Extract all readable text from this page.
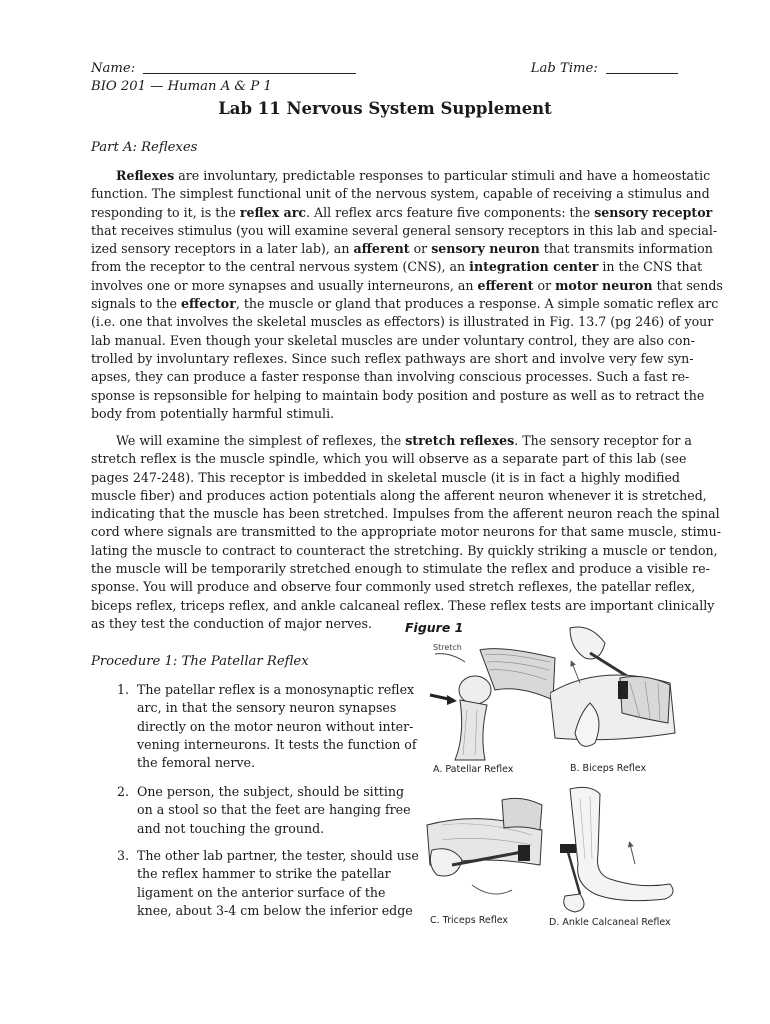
Name:	Lab Time:
BIO 201 — Human A & P 1
Lab 11 Nervous System Supplement
Part A: Reflexes
Reflexes are involuntary, predictable responses to particular stimuli and have a homeostatic
function. The simplest functional unit of the nervous system, capable of receiving a stimulus and
responding to it, is the reflex arc. All reflex arcs feature five components: the sensory receptor
that receives stimulus (you will examine several general sensory receptors in this lab and special-
ized sensory receptors in a later lab), an afferent or sensory neuron that transmits information
from the receptor to the central nervous system (CNS), an integration center in the CNS that
involves one or more synapses and usually interneurons, an efferent or motor neuron that sends
signals to the effector, the muscle or gland that produces a response. A simple somatic reflex arc
(i.e. one that involves the skeletal muscles as effectors) is illustrated in Fig. 13.7 (pg 246) of your
lab manual. Even though your skeletal muscles are under voluntary control, they are also con-
trolled by involuntary reflexes. Since such reflex pathways are short and involve very few syn-
apses, they can produce a faster response than involving conscious processes. Such a fast re-
sponse is repsonsible for helping to maintain body position and posture as well as to retract the
body from potentially harmful stimuli.
We will examine the simplest of reflexes, the stretch reflexes. The sensory receptor for a
stretch reflex is the muscle spindle, which you will observe as a separate part of this lab (see
pages 247-248). This receptor is imbedded in skeletal muscle (it is in fact a highly modified
muscle fiber) and produces action potentials along the afferent neuron whenever it is stretched,
indicating that the muscle has been stretched. Impulses from the afferent neuron reach the spinal
cord where signals are transmitted to the appropriate motor neurons for that same muscle, stimu-
lating the muscle to contract to counteract the stretching. By quickly striking a muscle or tendon,
the muscle will be temporarily stretched enough to stimulate the reflex and produce a visible re-
sponse. You will produce and observe four commonly used stretch reflexes, the patellar reflex,
biceps reflex, triceps reflex, and ankle calcaneal reflex. These reflex tests are important clinically
as they test the conduction of major nerves.
Procedure 1: The Patellar Reflex
1. The patellar reflex is a monosynaptic reflex
arc, in that the sensory neuron synapses
directly on the motor neuron without inter-
vening interneurons. It tests the function of
the femoral nerve.
2. One person, the subject, should be sitting
on a stool so that the feet are hanging free
and not touching the ground.
3. The other lab partner, the tester, should use
the reflex hammer to strike the patellar
ligament on the anterior surface of the
knee, about 3-4 cm below the inferior edge
Figure 1
Stretch
A. Patellar Reflex	B. Biceps Reflex
C. Triceps Reflex	D. Ankle Calcaneal Reflex
